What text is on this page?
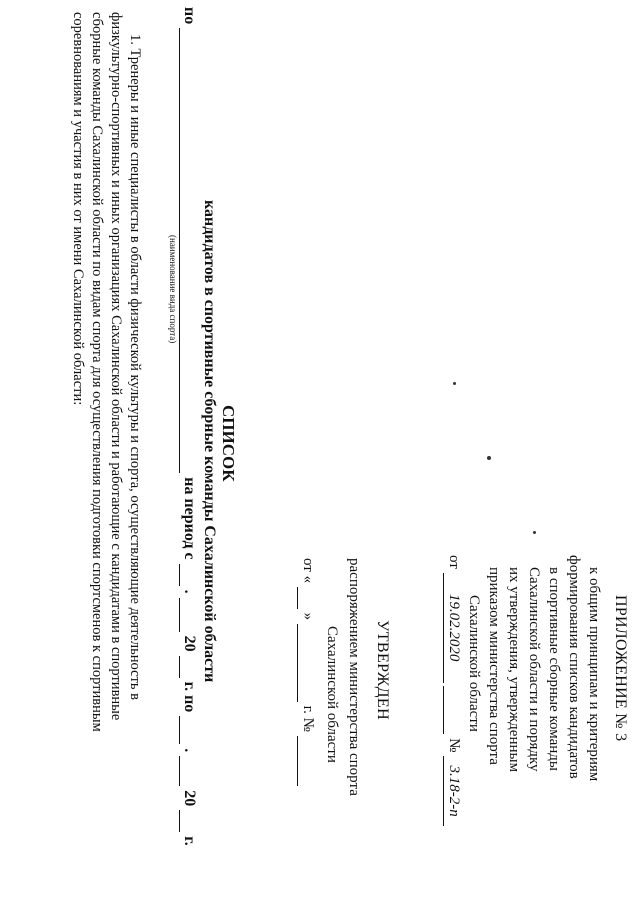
ПРИЛОЖЕНИЕ № 3
к общим принципам и критериям
формирования списков кандидатов
в спортивные сборные команды
Сахалинской области и порядку
их утверждения, утвержденным
приказом министерства спорта
Сахалинской области
от 19.02.2020   № 3.18-2-п
УТВЕРЖДЕН
распоряжением министерства спорта
Сахалинской области
от «   »   г. №
СПИСОК
кандидатов в спортивные сборные команды Сахалинской области
по   на период с   .   20   г. по   .   20   г.
(наименование вида спорта)
1. Тренеры и иные специалисты в области физической культуры и спорта, осуществляющие деятельность в
физкультурно-спортивных и иных организациях Сахалинской области и работающие с кандидатами в спортивные
сборные команды Сахалинской области по видам спорта для осуществления подготовки спортсменов к спортивным
соревнованиям и участия в них от имени Сахалинской области:
